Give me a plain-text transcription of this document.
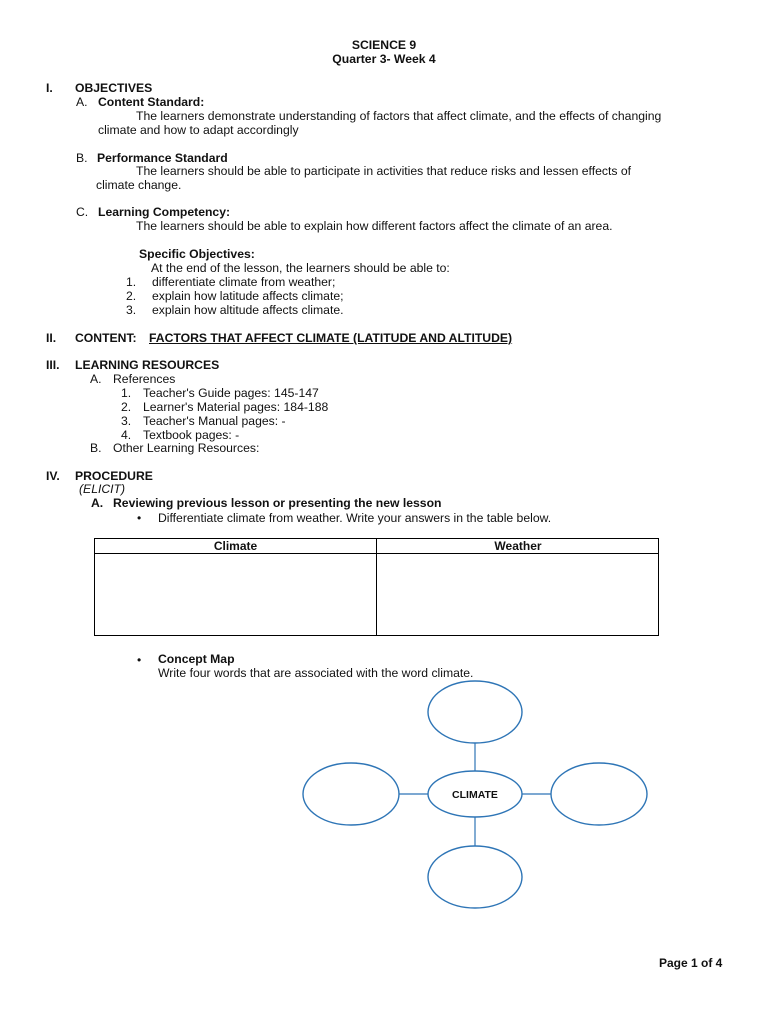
SCIENCE 9
Quarter 3- Week 4
I. OBJECTIVES
A. Content Standard:
The learners demonstrate understanding of factors that affect climate, and the effects of changing
climate and how to adapt accordingly
B. Performance Standard
The learners should be able to participate in activities that reduce risks and lessen effects of
climate change.
C. Learning Competency:
The learners should be able to explain how different factors affect the climate of an area.
Specific Objectives:
At the end of the lesson, the learners should be able to:
1. differentiate climate from weather;
2. explain how latitude affects climate;
3. explain how altitude affects climate.
II. CONTENT: FACTORS THAT AFFECT CLIMATE (LATITUDE AND ALTITUDE)
III. LEARNING RESOURCES
A. References
1. Teacher's Guide pages: 145-147
2. Learner's Material pages: 184-188
3. Teacher's Manual pages: -
4. Textbook pages: -
B. Other Learning Resources:
IV. PROCEDURE
(ELICIT)
A. Reviewing previous lesson or presenting the new lesson
• Differentiate climate from weather. Write your answers in the table below.
Climate	Weather
• Concept Map
Write four words that are associated with the word climate.
CLIMATE
Page 1 of 4
